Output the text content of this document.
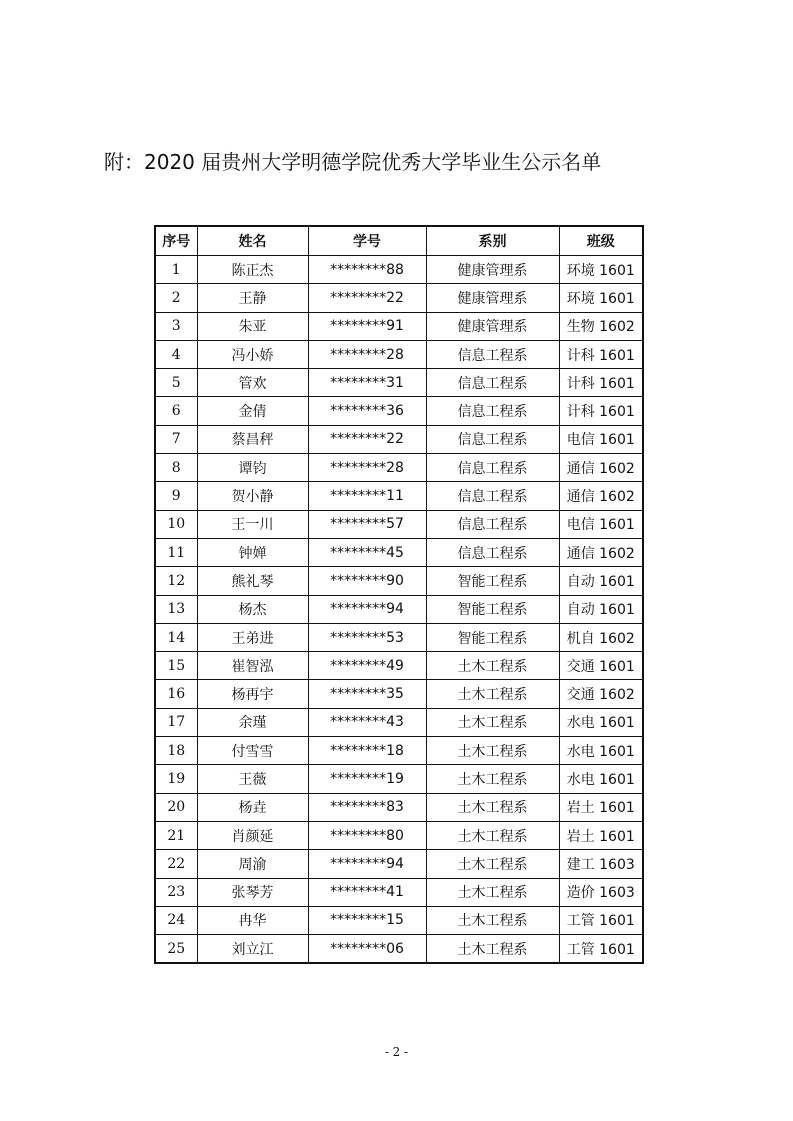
附：2020 届贵州大学明德学院优秀大学毕业生公示名单
序号	姓名	学号	系别	班级
1	陈正杰	********88	健康管理系	环境 1601
2	王静	********22	健康管理系	环境 1601
3	朱亚	********91	健康管理系	生物 1602
4	冯小娇	********28	信息工程系	计科 1601
5	管欢	********31	信息工程系	计科 1601
6	金倩	********36	信息工程系	计科 1601
7	蔡昌秤	********22	信息工程系	电信 1601
8	谭钧	********28	信息工程系	通信 1602
9	贺小静	********11	信息工程系	通信 1602
10	王一川	********57	信息工程系	电信 1601
11	钟婵	********45	信息工程系	通信 1602
12	熊礼琴	********90	智能工程系	自动 1601
13	杨杰	********94	智能工程系	自动 1601
14	王弟进	********53	智能工程系	机自 1602
15	崔智泓	********49	土木工程系	交通 1601
16	杨再宇	********35	土木工程系	交通 1602
17	余瑾	********43	土木工程系	水电 1601
18	付雪雪	********18	土木工程系	水电 1601
19	王薇	********19	土木工程系	水电 1601
20	杨垚	********83	土木工程系	岩土 1601
21	肖颜延	********80	土木工程系	岩土 1601
22	周渝	********94	土木工程系	建工 1603
23	张琴芳	********41	土木工程系	造价 1603
24	冉华	********15	土木工程系	工管 1601
25	刘立江	********06	土木工程系	工管 1601
- 2 -
